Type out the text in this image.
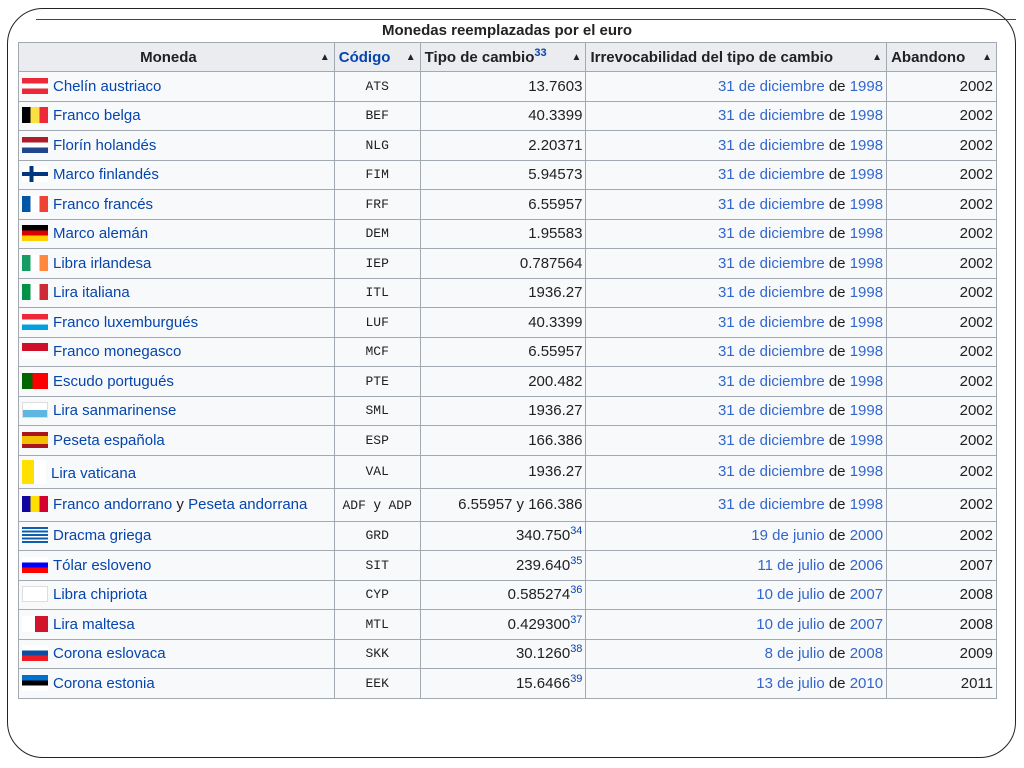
Monedas reemplazadas por el euro
Moneda ▲︎	Código ▲	Tipo de cambio$^{33}$ ▲	Irrevocabilidad del tipo de cambio ▲	Abandono ▲

Chelín austriaco	ATS	13.7603	31 de diciembre de 1998	2002
Franco belga	BEF	40.3399	31 de diciembre de 1998	2002
Florín holandés	NLG	2.20371	31 de diciembre de 1998	2002
Marco finlandés	FIM	5.94573	31 de diciembre de 1998	2002
Franco francés	FRF	6.55957	31 de diciembre de 1998	2002
Marco alemán	DEM	1.95583	31 de diciembre de 1998	2002
Libra irlandesa	IEP	0.787564	31 de diciembre de 1998	2002
Lira italiana	ITL	1936.27	31 de diciembre de 1998	2002
Franco luxemburgués	LUF	40.3399	31 de diciembre de 1998	2002
Franco monegasco	MCF	6.55957	31 de diciembre de 1998	2002
Escudo portugués	PTE	200.482	31 de diciembre de 1998	2002
Lira sanmarinense	SML	1936.27	31 de diciembre de 1998	2002
Peseta española	ESP	166.386	31 de diciembre de 1998	2002
Lira vaticana	VAL	1936.27	31 de diciembre de 1998	2002
Franco andorrano y Peseta andorrana	ADF y ADP	6.55957 y 166.386	31 de diciembre de 1998	2002
Dracma griega	GRD	340.750$^{34}$	19 de junio de 2000	2002
Tólar esloveno	SIT	239.640$^{35}$	11 de julio de 2006	2007
Libra chipriota	CYP	0.585274$^{36}$	10 de julio de 2007	2008
Lira maltesa	MTL	0.429300$^{37}$	10 de julio de 2007	2008
Corona eslovaca	SKK	30.1260$^{38}$	8 de julio de 2008	2009
Corona estonia	EEK	15.6466$^{39}$	13 de julio de 2010	2011
